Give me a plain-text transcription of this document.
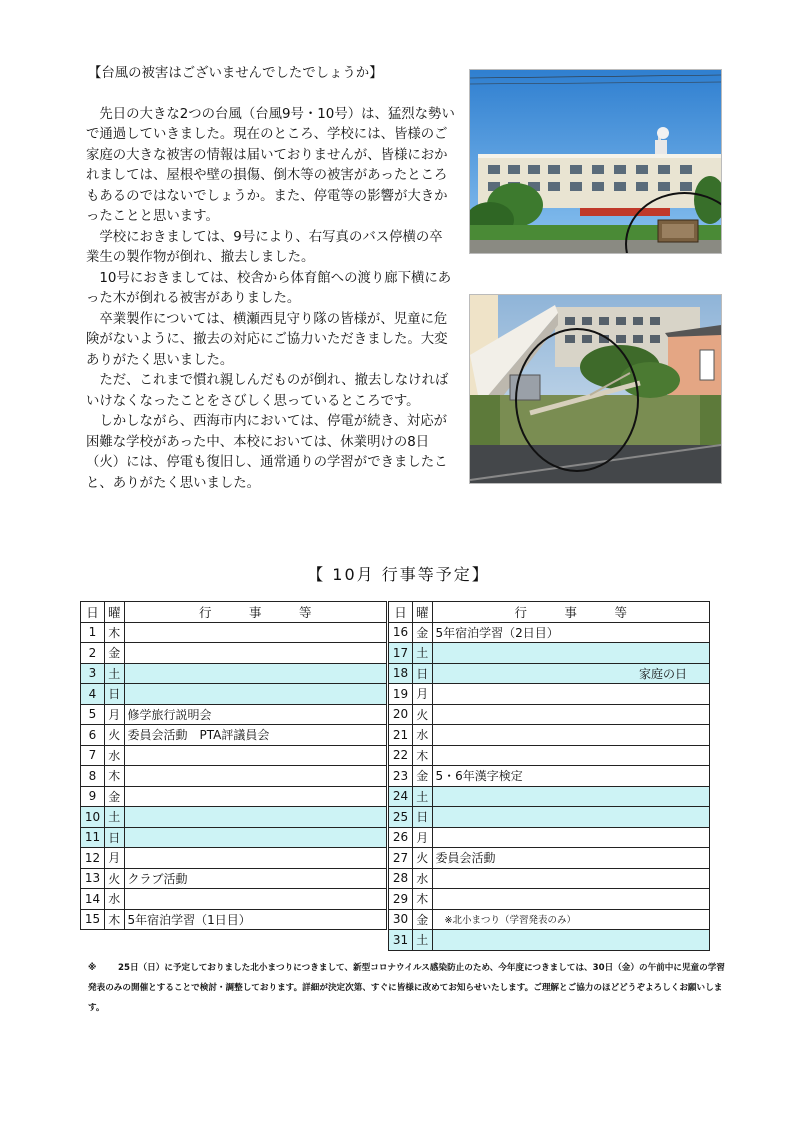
【台風の被害はございませんでしたでしょうか】

先日の大きな2つの台風（台風9号・10号）は、猛烈な勢いで通過していきました。現在のところ、学校には、皆様のご家庭の大きな被害の情報は届いておりませんが、皆様におかれましては、屋根や壁の損傷、倒木等の被害があったところもあるのではないでしょうか。また、停電等の影響が大きかったことと思います。

学校におきましては、9号により、右写真のバス停横の卒業生の製作物が倒れ、撤去しました。

10号におきましては、校舎から体育館への渡り廊下横にあった木が倒れる被害がありました。

卒業製作については、横瀬西見守り隊の皆様が、児童に危険がないように、撤去の対応にご協力いただきました。大変ありがたく思いました。

ただ、これまで慣れ親しんだものが倒れ、撤去しなければいけなくなったことをさびしく思っているところです。

しかしながら、西海市内においては、停電が続き、対応が困難な学校があった中、本校においては、休業明けの8日（火）には、停電も復旧し、通常通りの学習ができましたこと、ありがたく思いました。

【 10月 行事等予定】
日	曜	行　　　事　　　等
1	木	
2	金	
3	土	
4	日	
5	月	修学旅行説明会
6	火	委員会活動　PTA評議員会
7	水	
8	木	
9	金	
10	土	
11	日	
12	月	
13	火	クラブ活動
14	水	
15	木	5年宿泊学習（1日目）
日	曜	行　　　事　　　等
16	金	5年宿泊学習（2日目）
17	土	
18	日	家庭の日
19	月	
20	火	
21	水	
22	木	
23	金	5・6年漢字検定
24	土	
25	日	
26	月	
27	火	委員会活動
28	水	
29	木	
30	金	※北小まつり（学習発表のみ）
31	土	
※	25日（日）に予定しておりました北小まつりにつきまして、新型コロナウイルス感染防止のため、今年度につきましては、30日（金）の午前中に児童の学習発表のみの開催とすることで検討・調整しております。詳細が決定次第、すぐに皆様に改めてお知らせいたします。ご理解とご協力のほどどうぞよろしくお願いします。
